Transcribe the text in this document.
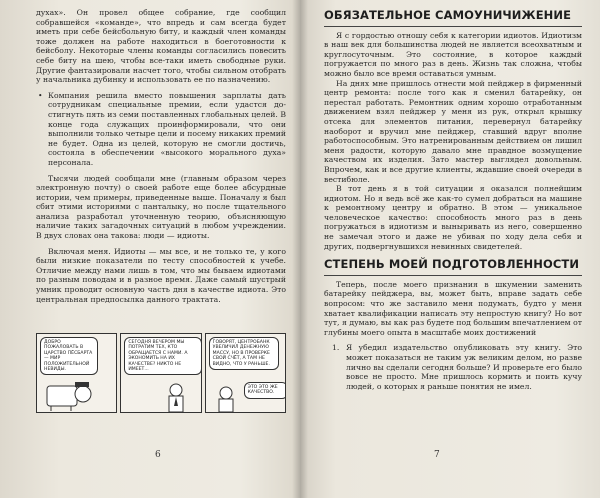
духах». Он провел общее собрание, где сообщил собравшейся «команде», что впредь и сам всегда будет иметь при себе бейсбольную биту, и каждый член команды тоже должен на работе находиться в боеготовности к бейсболу. Некоторые члены команды согласились повесить себе биту на шею, чтобы все-таки иметь свободные руки. Другие фантазировали насчет того, чтобы сильном отобрать у начальника дубинку и использовать ее по назначению.

• Компания решила вместо повышения зарплаты дать сотрудникам специальные премии, если удастся достигнуть пять из семи поставленных глобальных целей. В конце года служащих проинформировали, что они выполнили только четыре цели и посему никаких премий не будет. Одна из целей, которую не смогли достичь, состояла в обеспечении «высокого морального духа» персонала.

Тысячи людей сообщали мне (главным образом через электронную почту) о своей работе еще более абсурдные истории, чем примеры, приведенные выше. Поначалу я был сбит этими историями с панталыку, но после тщательного анализа разработал уточненную теорию, объясняющую наличие таких загадочных ситуаций в любом учреждении. В двух словах она такова: люди — идиоты.

Включая меня. Идиоты — мы все, и не только те, у кого были низкие показатели по тесту способностей к учебе. Отличие между нами лишь в том, что мы бываем идиотами по разным поводам и в разное время. Даже самый шустрый умник проводит основную часть дня в качестве идиота. Это центральная предпосылка данного трактата.

ДОБРО ПОЖАЛОВАТЬ В ЦАРСТВО ПЁСБАРТА — МИР ПОЛОЖИТЕЛЬНОЙ НЕВИДЫ.
СЕГОДНЯ ВЕЧЕРОМ МЫ ПОТРАТИМ ТЕХ, КТО ОБРАЩАЕТСЯ С НАМИ. А ЭКОНОМИТЬ НА ИХ КАЧЕСТВЕ? НИКТО НЕ ИМЕЕТ...
ГОВОРЯТ, ЦЕНТРОБАНК УВЕЛИЧИЛ ДЕНЕЖНУЮ МАССУ, НО В ПРОВЕРКЕ СВОЙ СЧЁТ, А ТАМ НЕ ВИДНО, ЧТО У РАНЬШЕ.
ЭТО ЭТО ЖЕ КАЧЕСТВО.
6
ОБЯЗАТЕЛЬНОЕ САМОУНИЧИЖЕНИЕ

Я с гордостью отношу себя к категории идиотов. Идиотизм в наш век для большинства людей не является всеохватным и круглосуточным. Это состояние, в которое каждый погружается по много раз в день. Жизнь так сложна, чтобы можно было все время оставаться умным.

На днях мне пришлось отнести мой пейджер в фирменный центр ремонта: после того как я сменил батарейку, он перестал работать. Ремонтник одним хорошо отработанным движением взял пейджер у меня из рук, открыл крышку отсека для элементов питания, перевернул батарейку наоборот и вручил мне пейджер, ставший вдруг вполне работоспособным. Это натренированным действием он лишил меня радости, которую давало мне правдное возмущение качеством их изделия. Зато мастер выглядел довольным. Впрочем, как и все другие клиенты, ждавшие своей очереди в вестибюле.

В тот день я в той ситуации я оказался полнейшим идиотом. Но я ведь всё же как-то сумел добраться на машине к ремонтному центру и обратно. В этом — уникальное человеческое качество: способность много раз в день погружаться в идиотизм и выныривать из него, совершенно не замечая этого и даже не убивая по ходу дела себя и других, подвергнувшихся невинных свидетелей.

СТЕПЕНЬ МОЕЙ ПОДГОТОВЛЕННОСТИ

Теперь, после моего признания в шкумении заменить батарейку пейджера, вы, может быть, вправе задать себе вопросом: что же заставило меня подумать, будто у меня хватает квалификации написать эту непростую книгу? Но вот тут, я думаю, вы как раз будете под большим впечатлением от глубины моего опыта в масштабе моих достижений

1. Я убедил издательство опубликовать эту книгу. Это может показаться не таким уж великим делом, но разве лично вы сделали сегодня больше? И проверьте его было вовсе не просто. Мне пришлось кормить и поить кучу людей, о которых я раньше понятия не имел.
7
